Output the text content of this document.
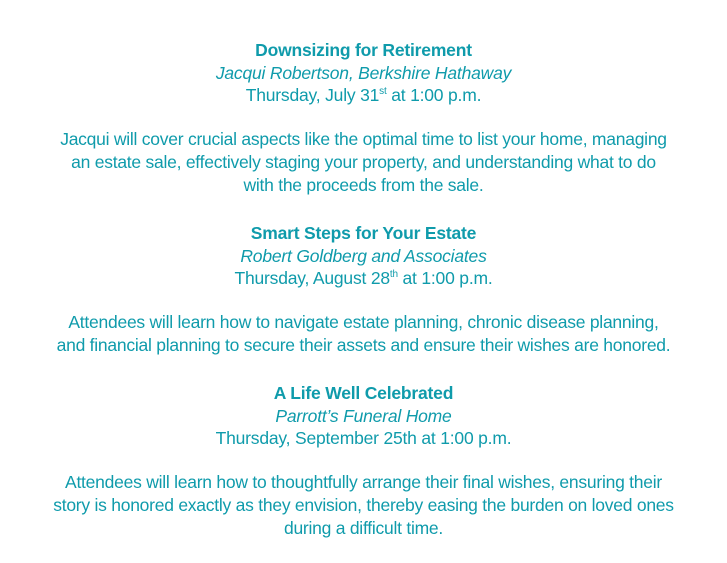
Downsizing for Retirement
Jacqui Robertson, Berkshire Hathaway
Thursday, July 31st at 1:00 p.m.
Jacqui will cover crucial aspects like the optimal time to list your home, managing
an estate sale, effectively staging your property, and understanding what to do
with the proceeds from the sale.
Smart Steps for Your Estate
Robert Goldberg and Associates
Thursday, August 28th at 1:00 p.m.
Attendees will learn how to navigate estate planning, chronic disease planning,
and financial planning to secure their assets and ensure their wishes are honored.
A Life Well Celebrated
Parrott’s Funeral Home
Thursday, September 25th at 1:00 p.m.
Attendees will learn how to thoughtfully arrange their final wishes, ensuring their
story is honored exactly as they envision, thereby easing the burden on loved ones
during a difficult time.
